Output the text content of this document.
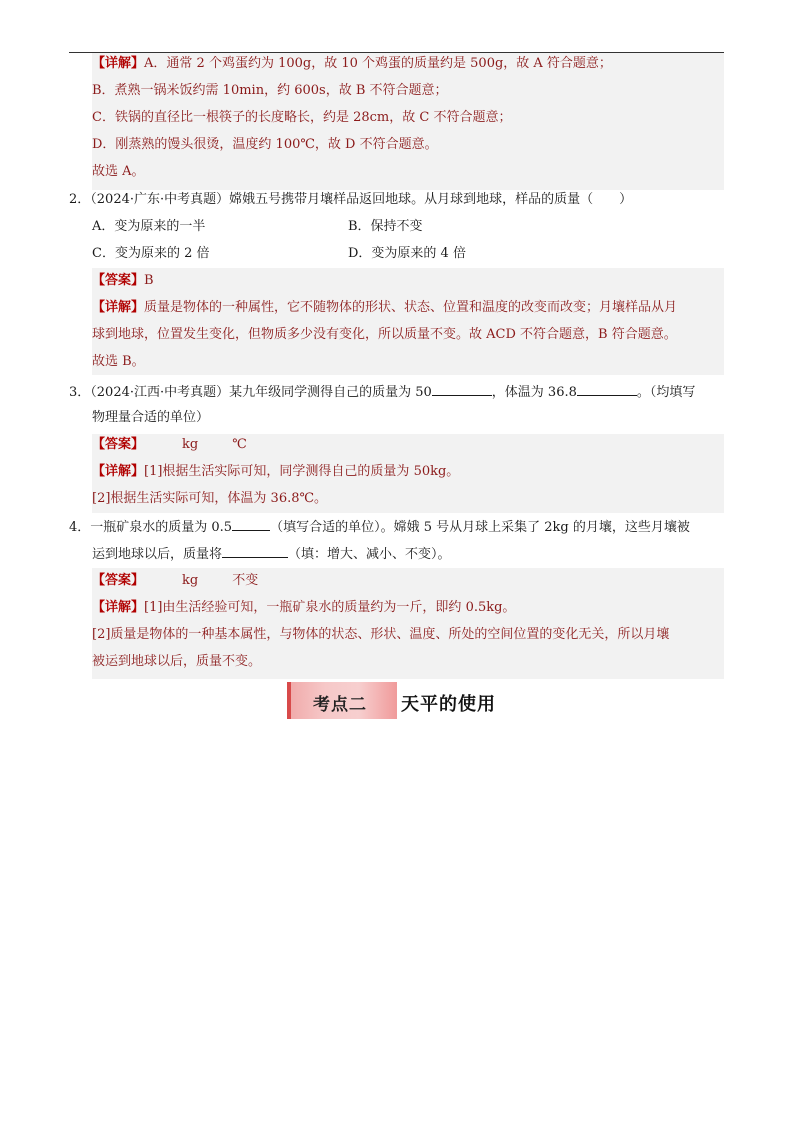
【详解】A．通常 2 个鸡蛋约为 100g，故 10 个鸡蛋的质量约是 500g，故 A 符合题意；
B．煮熟一锅米饭约需 10min，约 600s，故 B 不符合题意；
C．铁锅的直径比一根筷子的长度略长，约是 28cm，故 C 不符合题意；
D．刚蒸熟的馒头很烫，温度约 100℃，故 D 不符合题意。
故选 A。
2．（2024·广东·中考真题）嫦娥五号携带月壤样品返回地球。从月球到地球，样品的质量（　　）
A．变为原来的一半	B．保持不变
C．变为原来的 2 倍	D．变为原来的 4 倍
【答案】B
【详解】质量是物体的一种属性，它不随物体的形状、状态、位置和温度的改变而改变；月壤样品从月
球到地球，位置发生变化，但物质多少没有变化，所以质量不变。故 ACD 不符合题意，B 符合题意。
故选 B。
3．（2024·江西·中考真题）某九年级同学测得自己的质量为 50	，体温为 36.8	。（均填写
物理量合适的单位）
【答案】	kg	℃
【详解】[1]根据生活实际可知，同学测得自己的质量为 50kg。
[2]根据生活实际可知，体温为 36.8℃。
4．一瓶矿泉水的质量为 0.5	（填写合适的单位）。嫦娥 5 号从月球上采集了 2kg 的月壤，这些月壤被
运到地球以后，质量将	（填：增大、减小、不变）。
【答案】	kg	不变
【详解】[1]由生活经验可知，一瓶矿泉水的质量约为一斤，即约 0.5kg。
[2]质量是物体的一种基本属性，与物体的状态、形状、温度、所处的空间位置的变化无关，所以月壤
被运到地球以后，质量不变。
考点二 天平的使用
